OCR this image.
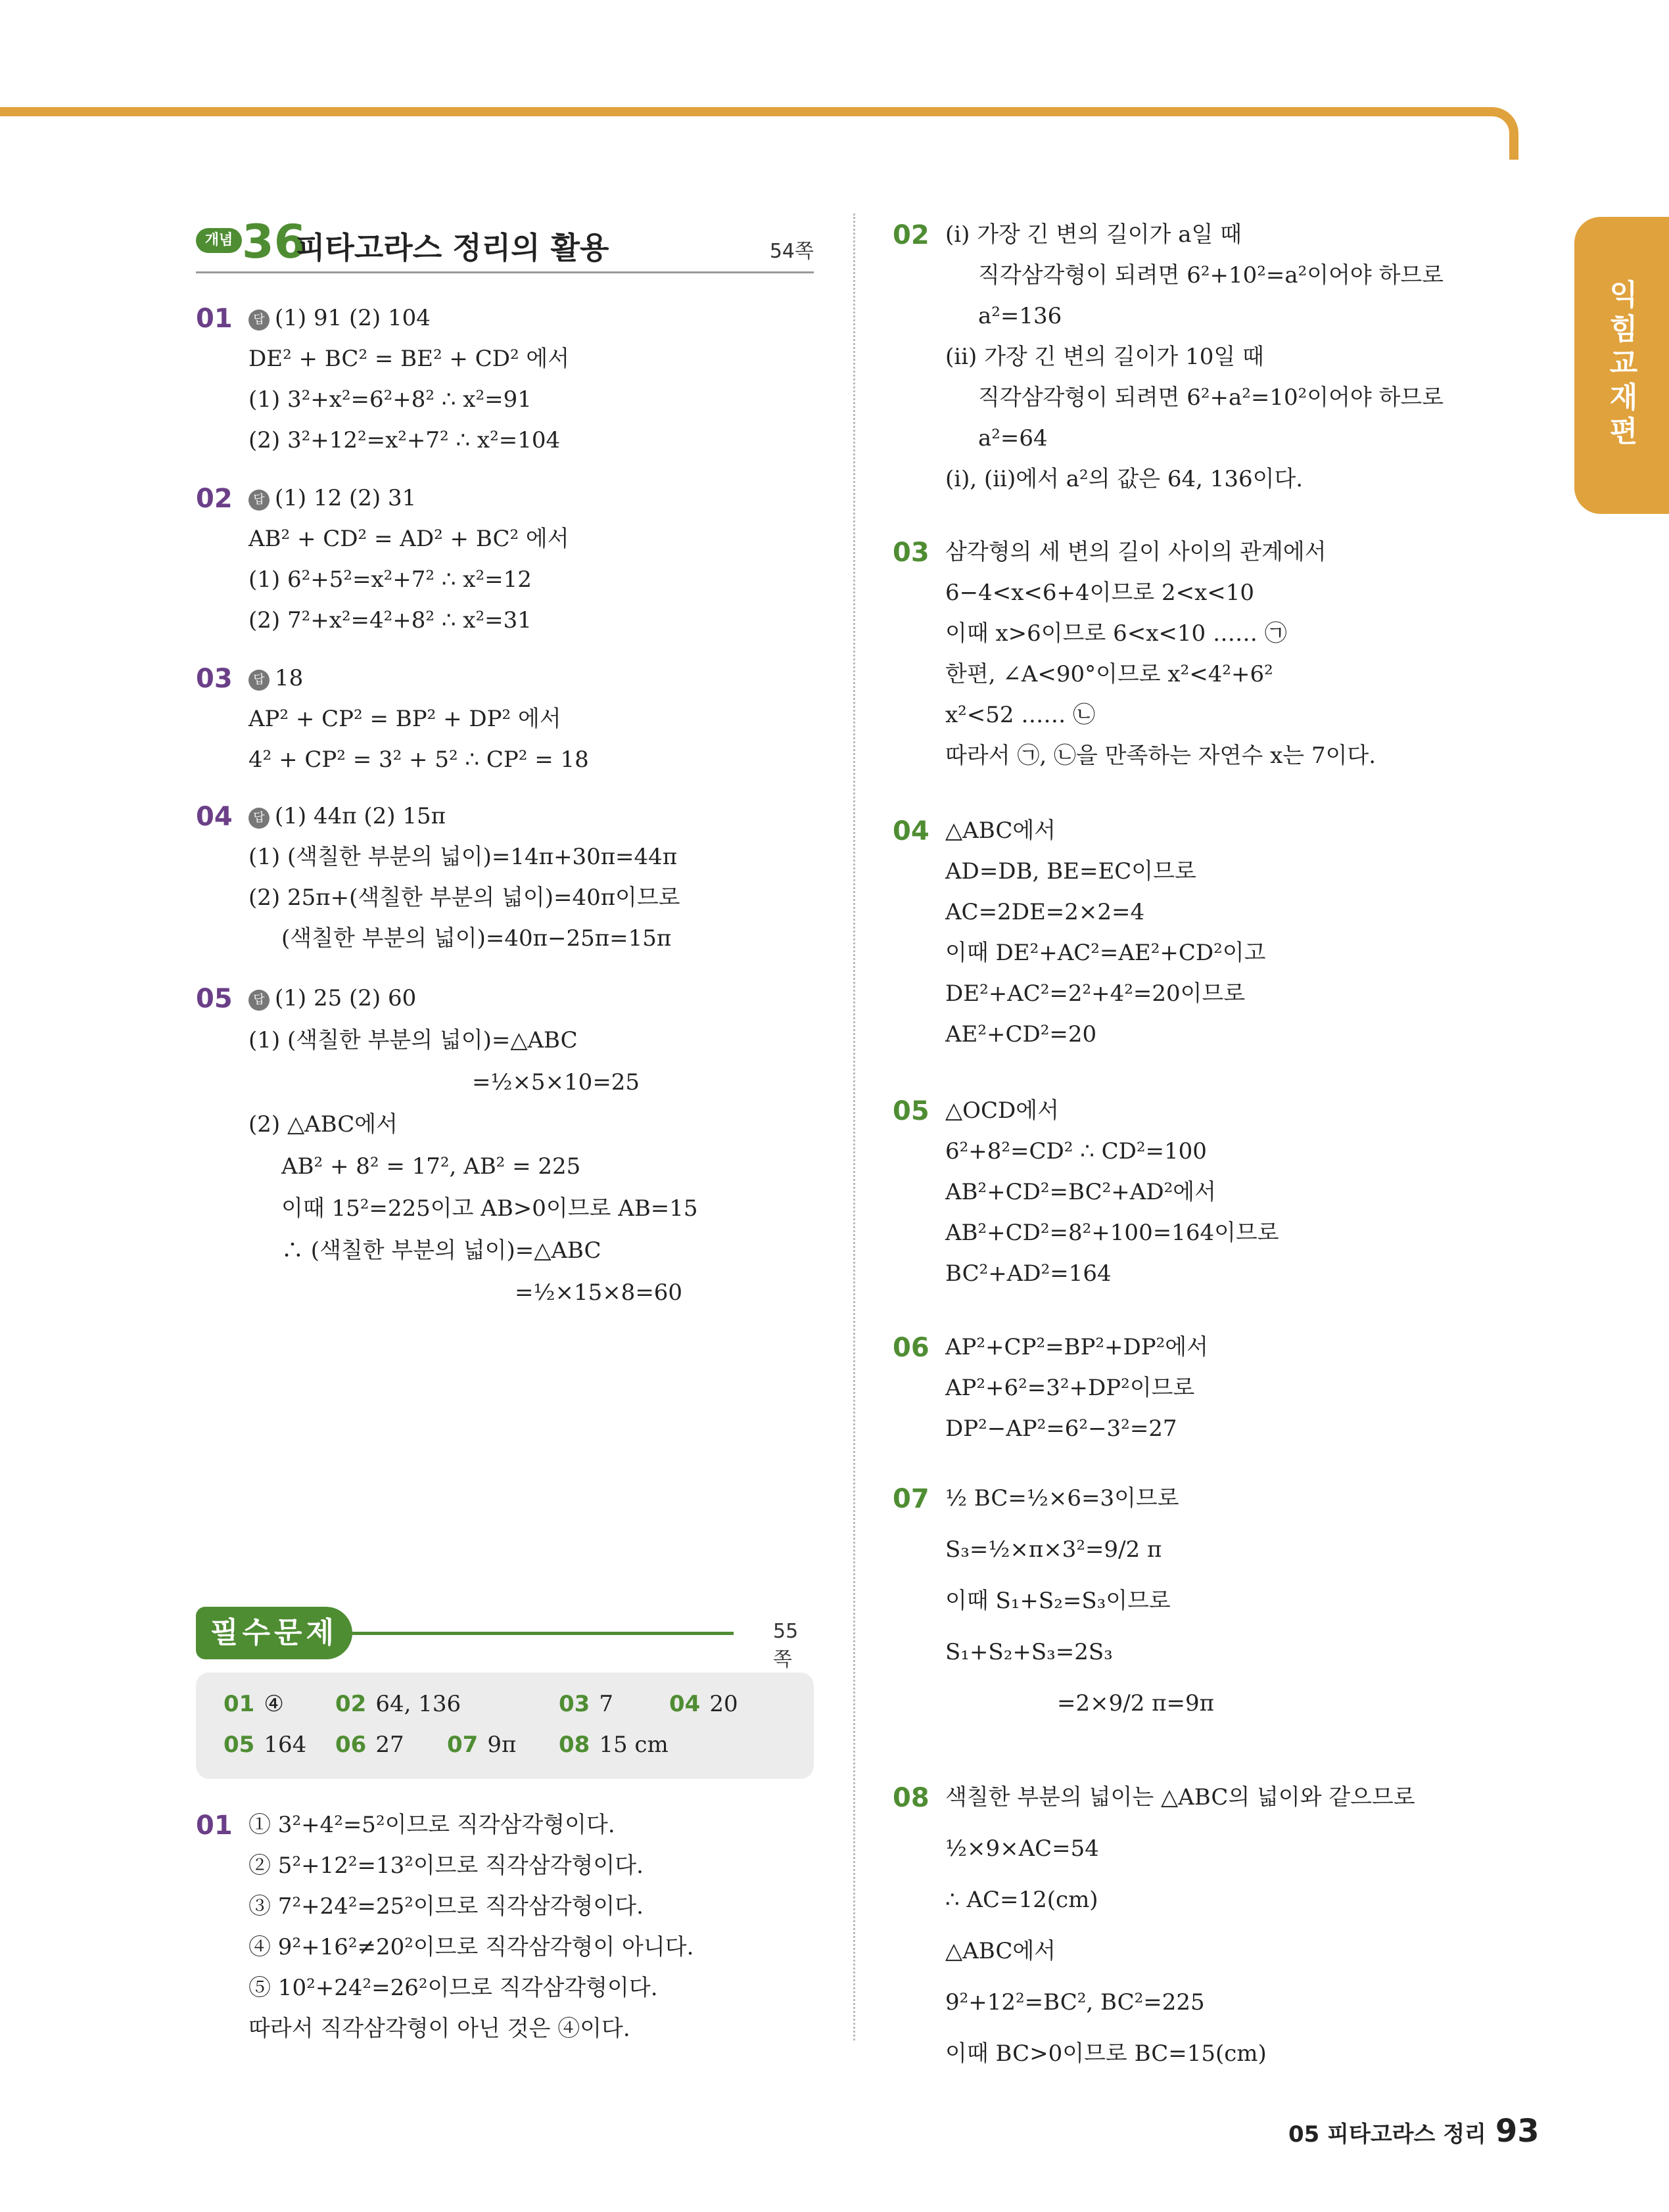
익힘교재편
개념 36
피타고라스 정리의 활용	54쪽
01	답 (1) 91 (2) 104
DE² + BC² = BE² + CD² 에서
(1) 3²+x²=6²+8² ∴ x²=91
(2) 3²+12²=x²+7² ∴ x²=104
02	답 (1) 12 (2) 31
AB² + CD² = AD² + BC² 에서
(1) 6²+5²=x²+7² ∴ x²=12
(2) 7²+x²=4²+8² ∴ x²=31
03	답 18
AP² + CP² = BP² + DP² 에서
4² + CP² = 3² + 5² ∴ CP² = 18
04	답 (1) 44π (2) 15π
(1) (색칠한 부분의 넓이)=14π+30π=44π
(2) 25π+(색칠한 부분의 넓이)=40π이므로
(색칠한 부분의 넓이)=40π−25π=15π
05	답 (1) 25 (2) 60
(1) (색칠한 부분의 넓이)=△ABC
=½×5×10=25
(2) △ABC에서
AB² + 8² = 17², AB² = 225
이때 15²=225이고 AB>0이므로 AB=15
∴ (색칠한 부분의 넓이)=△ABC
=½×15×8=60
필수문제	55쪽
01 ④ 02 64, 136	03 7	04 20
05 164 06 27 07 9π 08 15 cm
01 ① 3²+4²=5²이므로 직각삼각형이다.
② 5²+12²=13²이므로 직각삼각형이다.
③ 7²+24²=25²이므로 직각삼각형이다.
④ 9²+16²≠20²이므로 직각삼각형이 아니다.
⑤ 10²+24²=26²이므로 직각삼각형이다.
따라서 직각삼각형이 아닌 것은 ④이다.
02 (ⅰ) 가장 긴 변의 길이가 a일 때
직각삼각형이 되려면 6²+10²=a²이어야 하므로
a²=136
(ⅱ) 가장 긴 변의 길이가 10일 때
직각삼각형이 되려면 6²+a²=10²이어야 하므로
a²=64
(ⅰ), (ⅱ)에서 a²의 값은 64, 136이다.
03 삼각형의 세 변의 길이 사이의 관계에서
6−4<x<6+4이므로 2<x<10
이때 x>6이므로 6<x<10 …… ㉠
한편, ∠A<90°이므로 x²<4²+6²
x²<52 …… ㉡
따라서 ㉠, ㉡을 만족하는 자연수 x는 7이다.
04 △ABC에서
AD=DB, BE=EC이므로
AC=2DE=2×2=4
이때 DE²+AC²=AE²+CD²이고
DE²+AC²=2²+4²=20이므로
AE²+CD²=20
05 △OCD에서
6²+8²=CD² ∴ CD²=100
AB²+CD²=BC²+AD²에서
AB²+CD²=8²+100=164이므로
BC²+AD²=164
06 AP²+CP²=BP²+DP²에서
AP²+6²=3²+DP²이므로
DP²−AP²=6²−3²=27
07 ½ BC=½×6=3이므로
S₃=½×π×3²=9/2 π
이때 S₁+S₂=S₃이므로
S₁+S₂+S₃=2S₃
=2×9/2 π=9π
08 색칠한 부분의 넓이는 △ABC의 넓이와 같으므로
½×9×AC=54
∴ AC=12(cm)
△ABC에서
9²+12²=BC², BC²=225
이때 BC>0이므로 BC=15(cm)
05 피타고라스 정리 93
